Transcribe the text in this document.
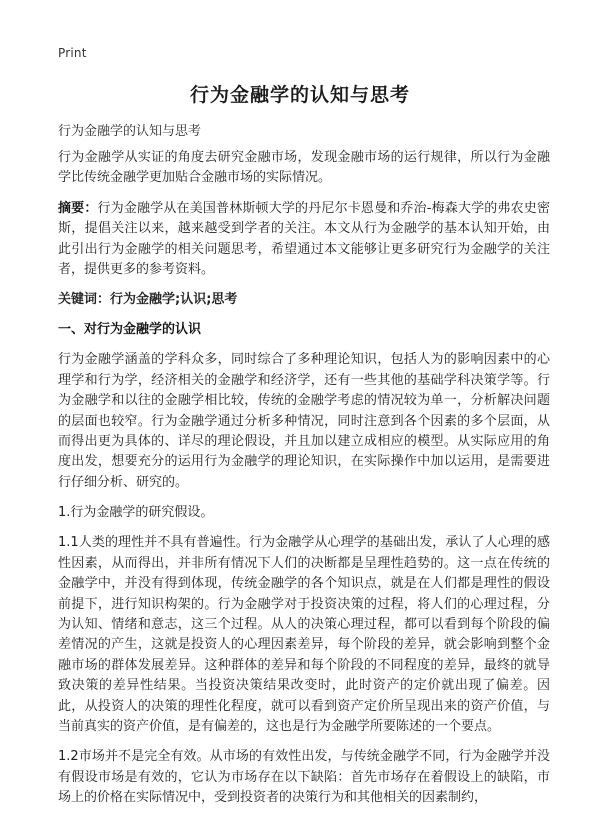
Print
行为金融学的认知与思考
行为金融学的认知与思考

行为金融学从实证的角度去研究金融市场，发现金融市场的运行规律，所以行为金融学比传统金融学更加贴合金融市场的实际情况。

摘要：行为金融学从在美国普林斯顿大学的丹尼尔卡恩曼和乔治-梅森大学的弗农史密斯，提倡关注以来，越来越受到学者的关注。本文从行为金融学的基本认知开始，由此引出行为金融学的相关问题思考，希望通过本文能够让更多研究行为金融学的关注者，提供更多的参考资料。

关键词：行为金融学;认识;思考
一、对行为金融学的认识

行为金融学涵盖的学科众多，同时综合了多种理论知识，包括人为的影响因素中的心理学和行为学，经济相关的金融学和经济学，还有一些其他的基础学科决策学等。行为金融学和以往的金融学相比较，传统的金融学考虑的情况较为单一，分析解决问题的层面也较窄。行为金融学通过分析多种情况，同时注意到各个因素的多个层面，从而得出更为具体的、详尽的理论假设，并且加以建立成相应的模型。从实际应用的角度出发，想要充分的运用行为金融学的理论知识，在实际操作中加以运用，是需要进行仔细分析、研究的。

1.行为金融学的研究假设。

1.1人类的理性并不具有普遍性。行为金融学从心理学的基础出发，承认了人心理的感性因素，从而得出，并非所有情况下人们的决断都是呈理性趋势的。这一点在传统的金融学中，并没有得到体现，传统金融学的各个知识点，就是在人们都是理性的假设前提下，进行知识构架的。行为金融学对于投资决策的过程，将人们的心理过程，分为认知、情绪和意志，这三个过程。从人的决策心理过程，都可以看到每个阶段的偏差情况的产生，这就是投资人的心理因素差异，每个阶段的差异，就会影响到整个金融市场的群体发展差异。这种群体的差异和每个阶段的不同程度的差异，最终的就导致决策的差异性结果。当投资决策结果改变时，此时资产的定价就出现了偏差。因此，从投资人的决策的理性化程度，就可以看到资产定价所呈现出来的资产价值，与当前真实的资产价值，是有偏差的，这也是行为金融学所要陈述的一个要点。

1.2市场并不是完全有效。从市场的有效性出发，与传统金融学不同，行为金融学并没有假设市场是有效的，它认为市场存在以下缺陷：首先市场存在着假设上的缺陷，市场上的价格在实际情况中，受到投资者的决策行为和其他相关的因素制约，
